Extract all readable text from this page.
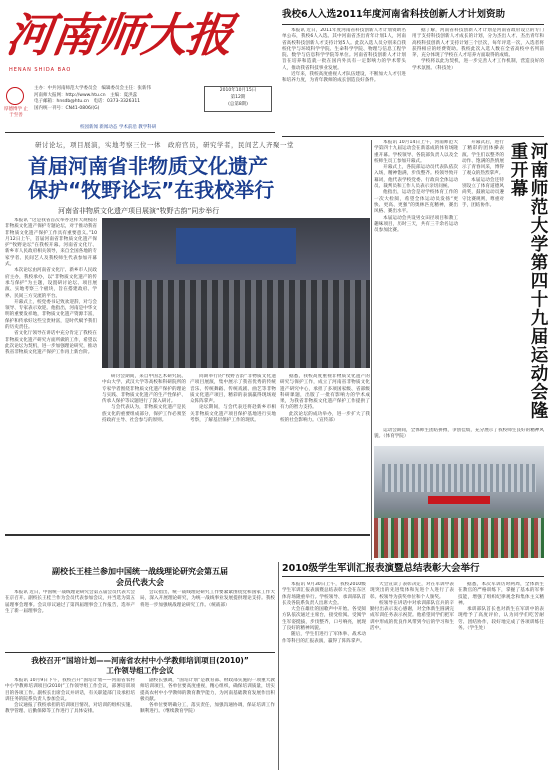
河南师大报
HENAN SHIDA BAO
厚德博学 止于至善
主办：中共河南师范大学委员会　 编辑委员会主任：张新伟
河南师大报网：http://www.htu.cn　 主编：夏洪蕊
电子邮箱：hnsdb@htu.cn　 电话：0373-3326311
国内统一刊号：CN41-0806/(G)
2010年10月15日
第12期
(总第8期)
校园新闻 新闻动态 学术前沿 教学科研
我校6人入选2011年度河南省科技创新人才计划资助

本报讯 近日，2011年度河南省科技创新人才计划资助名单公布，我校6人入选。其中河南省杰出青年计划1人，河南省高校科技创新人才支持计划5人。此次入选人员分别来自我校化学与环境科学学院、生命科学学院、物理与信息工程学院、数学与信息科学学院等单位。河南省科技创新人才计划旨在培养和造就一批在国内外具有一定影响力的学术带头人，推动我省科技事业发展。

近年来，我校高度重视人才队伍建设，不断加大人才引进和培养力度，为青年教师的成长创造良好条件。

据了解，河南省科技创新人才计划是河南省政府设立的专门用于支持科技创新人才成长的计划，分为杰出人才、杰出青年和高校科技创新人才支持计划三个层次，每年评选一次，入选者将获得相应的经费资助。我校此次入选人数在全省高校中名列前茅，充分体现了学校在人才培养方面取得的成绩。

学校将以此为契机，进一步完善人才工作机制，营造良好的学术氛围。（科技处）

研讨论坛，项目展演，实地考察三位一体　政府官员，研究学者，民间艺人齐聚一堂
首届河南省非物质文化遗产
保护“牧野论坛”在我校举行
河南省非物质文化遗产项目展演“牧野古韵”同步举行

本报讯 “这是我省首次举办这样大规模的非物质文化遗产保护专题论坛，对于推动我省非物质文化遗产保护工作具有重要意义。”10月12日上午，首届河南省非物质文化遗产保护“牧野论坛”在我校开幕。河南省文化厅、新乡市人民政府相关领导，来自全国各地的专家学者、民间艺人及我校师生代表参加开幕式。

本次论坛由河南省文化厅、新乡市人民政府主办，我校承办，以“非物质文化遗产的传承与保护”为主题，设置研讨论坛、项目展演、实地考察三个板块，旨在搭建政府、学界、民间三方交流的平台。

开幕式上，校党委书记致欢迎辞，对与会领导、专家表示欢迎。他指出，河南是中华文明的重要发祥地，非物质文化遗产资源丰富，保护和传承好这些宝贵财富，是时代赋予我们的历史责任。

省文化厅领导在讲话中充分肯定了我校在非物质文化遗产研究方面所做的工作，希望以此次论坛为契机，进一步加强理论研究，推动我省非物质文化遗产保护工作再上新台阶。

研讨会期间，来自中国艺术研究院、中山大学、武汉大学等高校和科研院所的专家学者围绕非物质文化遗产保护的理论与实践、非物质文化遗产的生产性保护、传承人保护等议题进行了深入研讨。

与会代表认为，非物质文化遗产是民族文化的重要组成部分，保护工作必须坚持政府主导、社会参与的原则。

同期举行的“牧野古韵”非物质文化遗产项目展演，集中展示了我省优秀的传统音乐、传统舞蹈、传统戏剧、曲艺等非物质文化遗产项目，精彩的表演赢得现场观众阵阵掌声。

论坛期间，与会代表还将赴新乡市相关非物质文化遗产项目保护基地进行实地考察，了解基层保护工作的现状。

据悉，我校高度重视非物质文化遗产的研究与保护工作，成立了河南省非物质文化遗产研究中心，承担了多项国家级、省部级科研课题，出版了一批有影响力的学术成果，为我省非物质文化遗产保护工作提供了有力的智力支持。

此次论坛的成功举办，进一步扩大了我校的社会影响力。（宣传部）

本报讯 10月14日上午，河南师范大学第四十九届运动会在新落成的体育场隆重开幕。学校领导、各院部负责人以及全校师生员工参加开幕式。

开幕式上，各院部运动员代表队依次入场，精神饱满，步伐整齐。校领导致开幕词，他代表学校党委、行政向全体运动员、裁判员和工作人员表示亲切问候。

他指出，运动会是对学校体育工作的一次大检阅，希望全体运动员发扬“更快、更高、更强”的奥林匹克精神，赛出风格、赛出水平。

本届运动会共设男女田径项目和教工趣味项目，历时三天，共有三千余名运动员参加比赛。

开幕式后，进行了精彩的团体操表演。学生们以整齐的动作、饱满的热情展示了青春风采，博得了观众的热烈掌声。

本届运动会还特别设立了体育道德风尚奖，鼓励运动员遵守比赛规则，尊重对手，团结协作。	河南师范大学第四十九届运动会隆重开幕

运动会期间，全体师生团结拼搏，争创佳绩，充分展示了我校师生良好的精神风貌。（体育学院）

副校长王桂兰参加中国统一战线理论研究会第五届
会员代表大会

本报讯 近日，中国统一战线理论研究会第五届会员代表大会在京召开。副校长王桂兰作为会员代表参加会议，并当选为第五届理事会理事。会议审议通过了第四届理事会工作报告，选举产生了新一届理事会。

会议指出，统一战线理论研究工作要紧紧围绕党和国家工作大局，深入开展理论研究，为统一战线事业发展提供理论支持。我校将进一步加强统战理论研究工作。（统战部）

我校召开“国培计划——河南省农村中小学教师培训项目(2010)”
工作领导组工作会议

本报讯 10月9日下午，我校召开“国培计划——河南省农村中小学教师培训项目(2010)”工作领导组工作会议，部署培训项目的各项工作。副校长出席会议并讲话，有关职能部门及承担培训任务的院系负责人参加会议。

会议通报了我校承担的培训项目情况，对培训的组织实施、教学管理、后勤保障等工作进行了具体安排。

副校长强调，“国培计划”是教育部、财政部实施的一项重大教师培训项目，各单位要高度重视，精心组织，确保培训质量，切实提高农村中小学教师的教育教学能力，为河南基础教育发展作出积极贡献。

各单位要明确分工，落实责任，加强沟通协调，保证培训工作顺利进行。（继续教育学院）

2010级学生军训汇报表演暨总结表彰大会举行

本报讯 9月30日上午，我校2010级学生军训汇报表演暨总结表彰大会在东区体育场隆重举行。学校领导、承训部队首长及各院系负责人出席大会。

大会在雄壮的国歌声中开始。各受阅方队依次通过主席台，接受检阅。受阅学生军姿挺拔，步伐整齐，口号响亮，展现了良好的精神风貌。

随后，学生们进行了军体拳、战术动作等科目的汇报表演，赢得了阵阵掌声。

大会宣读了表彰决定，对在军训中表现突出的先进集体和先进个人进行了表彰。校领导为获奖单位和个人颁奖。

校领导在讲话中对承训部队官兵的辛勤付出表示衷心感谢，对全体新生圆满完成军训任务表示祝贺。他希望同学们把军训中形成的优良作风带到今后的学习和生活中。

据悉，本次军训历时两周，全体新生在教官的严格训练下，掌握了基本的军事技能，增强了组织纪律观念和集体主义精神。

承训部队首长也对新生在军训中的表现给予了高度评价，认为同学们吃苦耐劳、团结协作，较好地完成了各项训练任务。（学生处）
